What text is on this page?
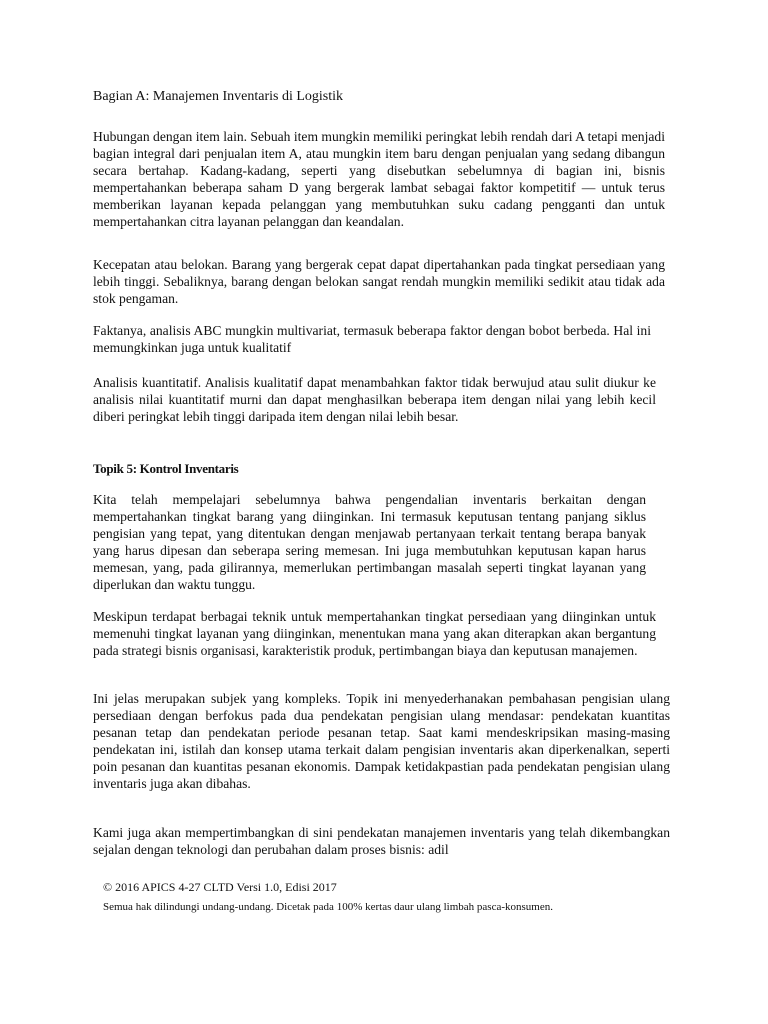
Bagian A: Manajemen Inventaris di Logistik

Hubungan dengan item lain. Sebuah item mungkin memiliki peringkat lebih rendah dari A tetapi menjadi bagian integral dari penjualan item A, atau mungkin item baru dengan penjualan yang sedang dibangun secara bertahap. Kadang-kadang, seperti yang disebutkan sebelumnya di bagian ini, bisnis mempertahankan beberapa saham D yang bergerak lambat sebagai faktor kompetitif — untuk terus memberikan layanan kepada pelanggan yang membutuhkan suku cadang pengganti dan untuk mempertahankan citra layanan pelanggan dan keandalan.

Kecepatan atau belokan. Barang yang bergerak cepat dapat dipertahankan pada tingkat persediaan yang lebih tinggi. Sebaliknya, barang dengan belokan sangat rendah mungkin memiliki sedikit atau tidak ada stok pengaman.

Faktanya, analisis ABC mungkin multivariat, termasuk beberapa faktor dengan bobot berbeda. Hal ini memungkinkan juga untuk kualitatif

Analisis kuantitatif. Analisis kualitatif dapat menambahkan faktor tidak berwujud atau sulit diukur ke analisis nilai kuantitatif murni dan dapat menghasilkan beberapa item dengan nilai yang lebih kecil diberi peringkat lebih tinggi daripada item dengan nilai lebih besar.

Topik 5: Kontrol Inventaris

Kita telah mempelajari sebelumnya bahwa pengendalian inventaris berkaitan dengan mempertahankan tingkat barang yang diinginkan. Ini termasuk keputusan tentang panjang siklus pengisian yang tepat, yang ditentukan dengan menjawab pertanyaan terkait tentang berapa banyak yang harus dipesan dan seberapa sering memesan. Ini juga membutuhkan keputusan kapan harus memesan, yang, pada gilirannya, memerlukan pertimbangan masalah seperti tingkat layanan yang diperlukan dan waktu tunggu.

Meskipun terdapat berbagai teknik untuk mempertahankan tingkat persediaan yang diinginkan untuk memenuhi tingkat layanan yang diinginkan, menentukan mana yang akan diterapkan akan bergantung pada strategi bisnis organisasi, karakteristik produk, pertimbangan biaya dan keputusan manajemen.

Ini jelas merupakan subjek yang kompleks. Topik ini menyederhanakan pembahasan pengisian ulang persediaan dengan berfokus pada dua pendekatan pengisian ulang mendasar: pendekatan kuantitas pesanan tetap dan pendekatan periode pesanan tetap. Saat kami mendeskripsikan masing-masing pendekatan ini, istilah dan konsep utama terkait dalam pengisian inventaris akan diperkenalkan, seperti poin pesanan dan kuantitas pesanan ekonomis. Dampak ketidakpastian pada pendekatan pengisian ulang inventaris juga akan dibahas.

Kami juga akan mempertimbangkan di sini pendekatan manajemen inventaris yang telah dikembangkan sejalan dengan teknologi dan perubahan dalam proses bisnis: adil

© 2016 APICS 4-27 CLTD Versi 1.0, Edisi 2017

Semua hak dilindungi undang-undang. Dicetak pada 100% kertas daur ulang limbah pasca-konsumen.
